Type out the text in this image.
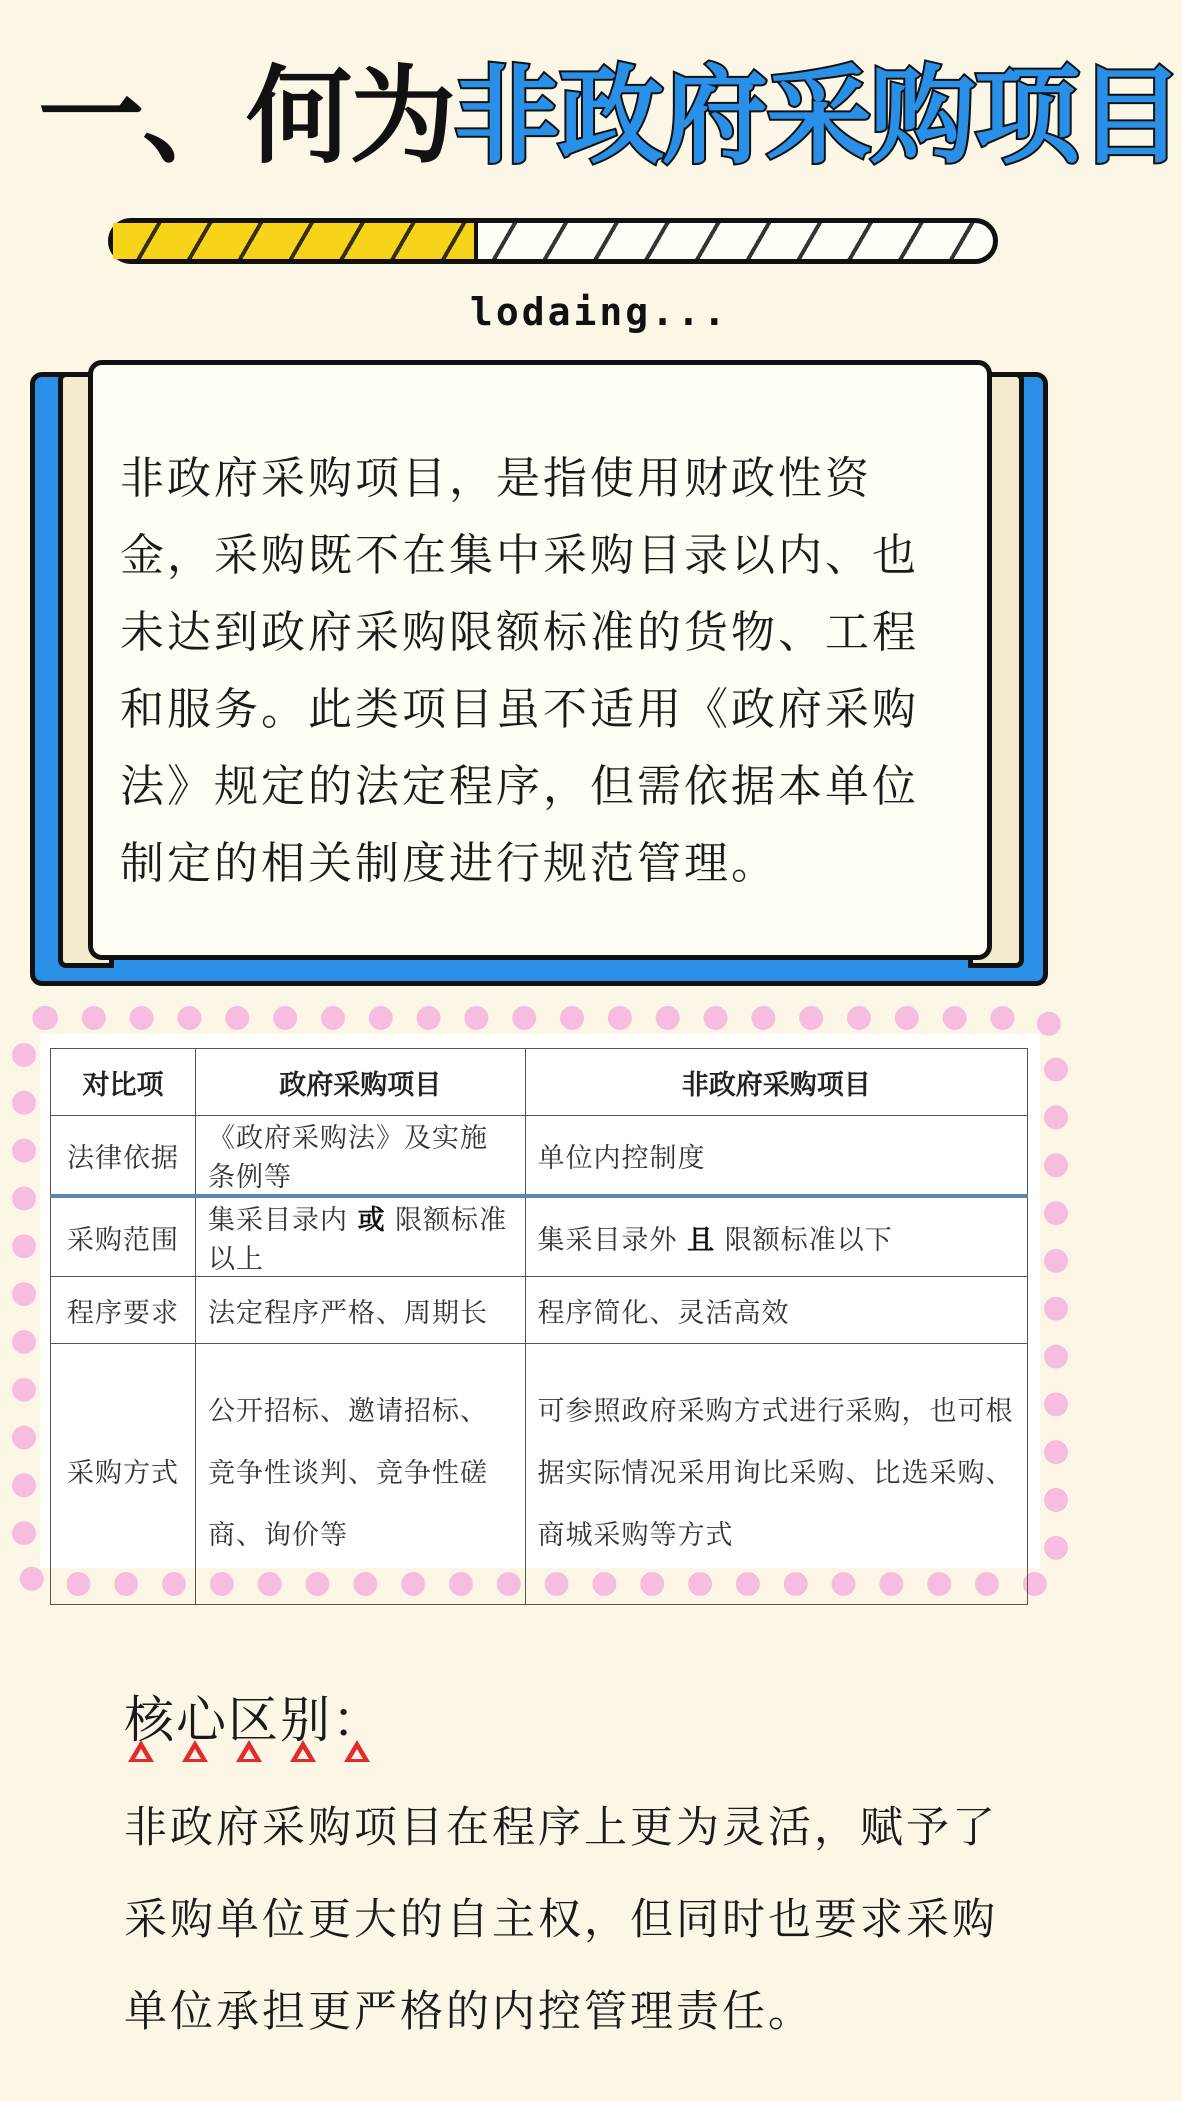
一、何为非政府采购项目
lodaing...
非政府采购项目，是指使用财政性资金，采购既不在集中采购目录以内、也未达到政府采购限额标准的货物、工程和服务。此类项目虽不适用《政府采购法》规定的法定程序，但需依据本单位制定的相关制度进行规范管理。
对比项	政府采购项目	非政府采购项目
法律依据	《政府采购法》及实施条例等	单位内控制度
采购范围	集采目录内 或 限额标准以上	集采目录外 且 限额标准以下
程序要求	法定程序严格、周期长	程序简化、灵活高效
采购方式	公开招标、邀请招标、竞争性谈判、竞争性磋商、询价等	可参照政府采购方式进行采购，也可根据实际情况采用询比采购、比选采购、商城采购等方式
核心区别：
非政府采购项目在程序上更为灵活，赋予了采购单位更大的自主权，但同时也要求采购单位承担更严格的内控管理责任。
